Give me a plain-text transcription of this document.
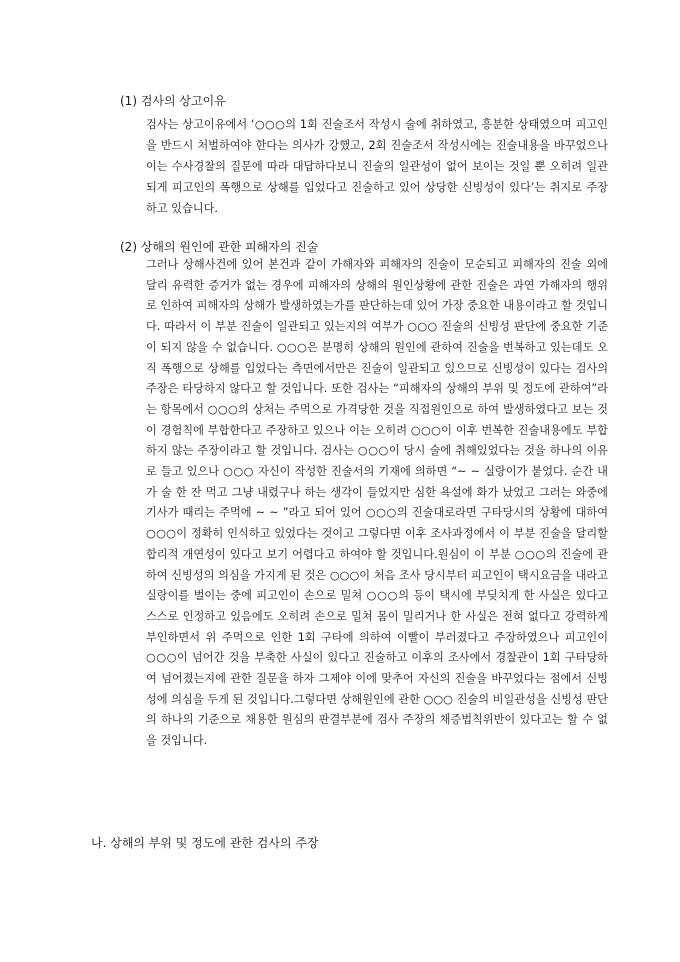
(1) 검사의 상고이유
검사는 상고이유에서 ‘○○○의 1회 진술조서 작성시 술에 취하였고, 흥분한 상태였으며 피고인을 반드시 처벌하여야 한다는 의사가 강했고, 2회 진술조서 작성시에는 진술내용을 바꾸었으나 이는 수사경찰의 질문에 따라 대답하다보니 진술의 일관성이 없어 보이는 것일 뿐 오히려 일관되게 피고인의 폭행으로 상해를 입었다고 진술하고 있어 상당한 신빙성이 있다’는 취지로 주장하고 있습니다.
(2) 상해의 원인에 관한 피해자의 진술
그러나 상해사건에 있어 본건과 같이 가해자와 피해자의 진술이 모순되고 피해자의 진술 외에 달리 유력한 증거가 없는 경우에 피해자의 상해의 원인상황에 관한 진술은 과연 가해자의 행위로 인하여 피해자의 상해가 발생하였는가를 판단하는데 있어 가장 중요한 내용이라고 할 것입니다. 따라서 이 부분 진술이 일관되고 있는지의 여부가 ○○○ 진술의 신빙성 판단에 중요한 기준이 되지 않을 수 없습니다. ○○○은 분명히 상해의 원인에 관하여 진술을 번복하고 있는데도 오직 폭행으로 상해를 입었다는 측면에서만은 진술이 일관되고 있으므로 신빙성이 있다는 검사의 주장은 타당하지 않다고 할 것입니다. 또한 검사는 “피해자의 상해의 부위 및 정도에 관하여”라는 항목에서 ○○○의 상처는 주먹으로 가격당한 것을 직접원인으로 하여 발생하였다고 보는 것이 경험칙에 부합한다고 주장하고 있으나 이는 오히려 ○○○이 이후 번복한 진술내용에도 부합하지 않는 주장이라고 할 것입니다. 검사는 ○○○이 당시 술에 취해있었다는 것을 하나의 이유로 들고 있으나 ○○○ 자신이 작성한 진술서의 기재에 의하면 “~ ~ 실랑이가 붙었다. 순간 내가 술 한 잔 먹고 그냥 내렸구나 하는 생각이 들었지만 심한 욕설에 화가 났었고 그러는 와중에 기사가 때리는 주먹에 ~ ~ ”라고 되어 있어 ○○○의 진술대로라면 구타당시의 상황에 대하여 ○○○이 정확히 인식하고 있었다는 것이고 그렇다면 이후 조사과정에서 이 부분 진술을 달리할 합리적 개연성이 있다고 보기 어렵다고 하여야 할 것입니다.원심이 이 부분 ○○○의 진술에 관하여 신빙성의 의심을 가지게 된 것은 ○○○이 처음 조사 당시부터 피고인이 택시요금을 내라고 실랑이를 벌이는 중에 피고인이 손으로 밀쳐 ○○○의 등이 택시에 부딪치게 한 사실은 있다고 스스로 인정하고 있음에도 오히려 손으로 밀쳐 몸이 밀리거나 한 사실은 전혀 없다고 강력하게 부인하면서 위 주먹으로 인한 1회 구타에 의하여 이빨이 부러졌다고 주장하였으나 피고인이 ○○○이 넘어간 것을 부축한 사실이 있다고 진술하고 이후의 조사에서 경찰관이 1회 구타당하여 넘어졌는지에 관한 질문을 하자 그제야 이에 맞추어 자신의 진술을 바꾸었다는 점에서 신빙성에 의심을 두게 된 것입니다.그렇다면 상해원인에 관한 ○○○ 진술의 비일관성을 신빙성 판단의 하나의 기준으로 채용한 원심의 판결부분에 검사 주장의 채증법칙위반이 있다고는 할 수 없을 것입니다.
나. 상해의 부위 및 정도에 관한 검사의 주장
